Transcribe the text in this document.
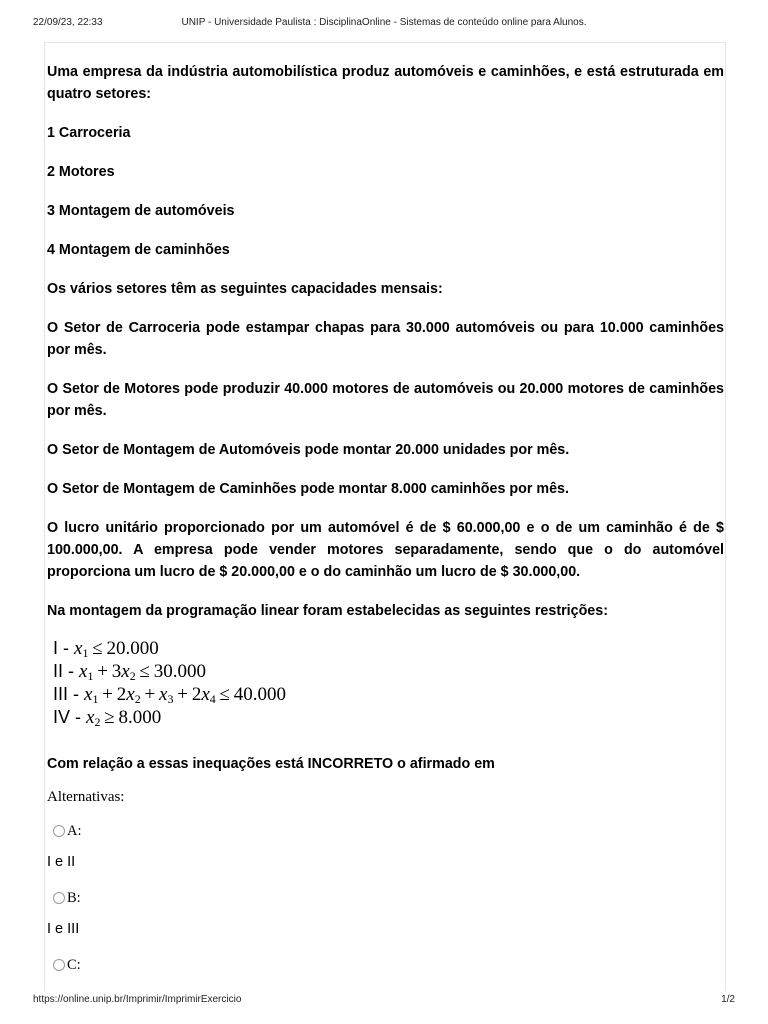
22/09/23, 22:33	UNIP - Universidade Paulista : DisciplinaOnline - Sistemas de conteúdo online para Alunos.

Uma empresa da indústria automobilística produz automóveis e caminhões, e está estruturada em quatro setores:

1 Carroceria

2 Motores

3 Montagem de automóveis

4 Montagem de caminhões

Os vários setores têm as seguintes capacidades mensais:

O Setor de Carroceria pode estampar chapas para 30.000 automóveis ou para 10.000 caminhões por mês.

O Setor de Motores pode produzir 40.000 motores de automóveis ou 20.000 motores de caminhões por mês.

O Setor de Montagem de Automóveis pode montar 20.000 unidades por mês.

O Setor de Montagem de Caminhões pode montar 8.000 caminhões por mês.

O lucro unitário proporcionado por um automóvel é de $ 60.000,00 e o de um caminhão é de $ 100.000,00. A empresa pode vender motores separadamente, sendo que o do automóvel proporciona um lucro de $ 20.000,00 e o do caminhão um lucro de $ 30.000,00.

Na montagem da programação linear foram estabelecidas as seguintes restrições:

$I - x_1 \le 20.000$
II - $x_1 + 3x_2 \le 30.000$
III - $x_1 + 2x_2 + x_3 + 2x_4 \le 40.000$
IV - $x_2 \ge 8.000$

Com relação a essas inequações está INCORRETO o afirmado em

Alternativas:

A:
I e II
B:
I e III
C:
https://online.unip.br/Imprimir/ImprimirExercicio	1/2
